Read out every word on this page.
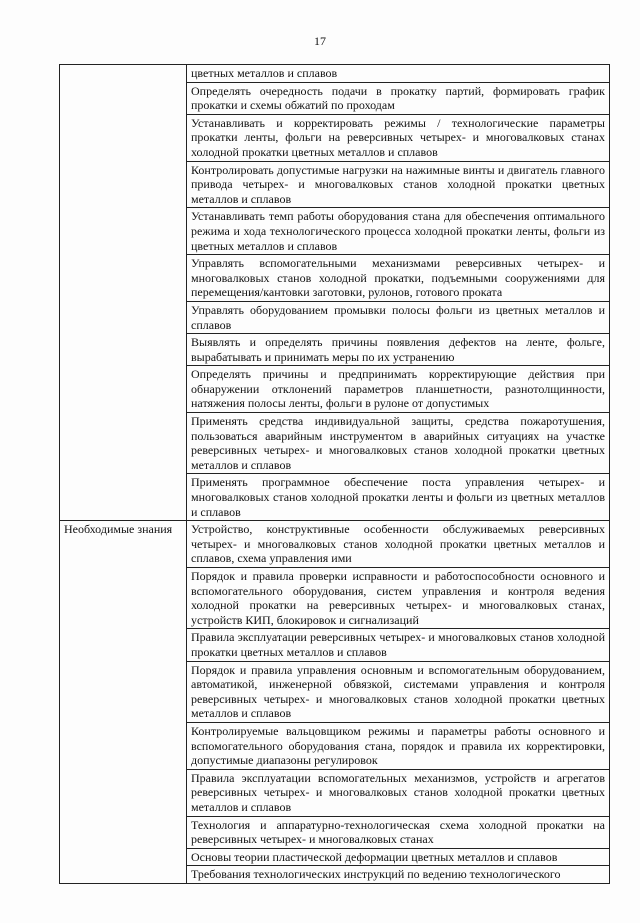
17
	цветных металлов и сплавов
	Определять очередность подачи в прокатку партий, формировать график прокатки и схемы обжатий по проходам
	Устанавливать и корректировать режимы / технологические параметры прокатки ленты, фольги на реверсивных четырех- и многовалковых станах холодной прокатки цветных металлов и сплавов
	Контролировать допустимые нагрузки на нажимные винты и двигатель главного привода четырех- и многовалковых станов холодной прокатки цветных металлов и сплавов
	Устанавливать темп работы оборудования стана для обеспечения оптимального режима и хода технологического процесса холодной прокатки ленты, фольги из цветных металлов и сплавов
	Управлять вспомогательными механизмами реверсивных четырех- и многовалковых станов холодной прокатки, подъемными сооружениями для перемещения/кантовки заготовки, рулонов, готового проката
	Управлять оборудованием промывки полосы фольги из цветных металлов и сплавов
	Выявлять и определять причины появления дефектов на ленте, фольге, вырабатывать и принимать меры по их устранению
	Определять причины и предпринимать корректирующие действия при обнаружении отклонений параметров планшетности, разнотолщинности, натяжения полосы ленты, фольги в рулоне от допустимых
	Применять средства индивидуальной защиты, средства пожаротушения, пользоваться аварийным инструментом в аварийных ситуациях на участке реверсивных четырех- и многовалковых станов холодной прокатки цветных металлов и сплавов
	Применять программное обеспечение поста управления четырех- и многовалковых станов холодной прокатки ленты и фольги из цветных металлов и сплавов
Необходимые знания	Устройство, конструктивные особенности обслуживаемых реверсивных четырех- и многовалковых станов холодной прокатки цветных металлов и сплавов, схема управления ими
	Порядок и правила проверки исправности и работоспособности основного и вспомогательного оборудования, систем управления и контроля ведения холодной прокатки на реверсивных четырех- и многовалковых станах, устройств КИП, блокировок и сигнализаций
	Правила эксплуатации реверсивных четырех- и многовалковых станов холодной прокатки цветных металлов и сплавов
	Порядок и правила управления основным и вспомогательным оборудованием, автоматикой, инженерной обвязкой, системами управления и контроля реверсивных четырех- и многовалковых станов холодной прокатки цветных металлов и сплавов
	Контролируемые вальцовщиком режимы и параметры работы основного и вспомогательного оборудования стана, порядок и правила их корректировки, допустимые диапазоны регулировок
	Правила эксплуатации вспомогательных механизмов, устройств и агрегатов реверсивных четырех- и многовалковых станов холодной прокатки цветных металлов и сплавов
	Технология и аппаратурно-технологическая схема холодной прокатки на реверсивных четырех- и многовалковых станах
	Основы теории пластической деформации цветных металлов и сплавов
	Требования технологических инструкций по ведению технологического
